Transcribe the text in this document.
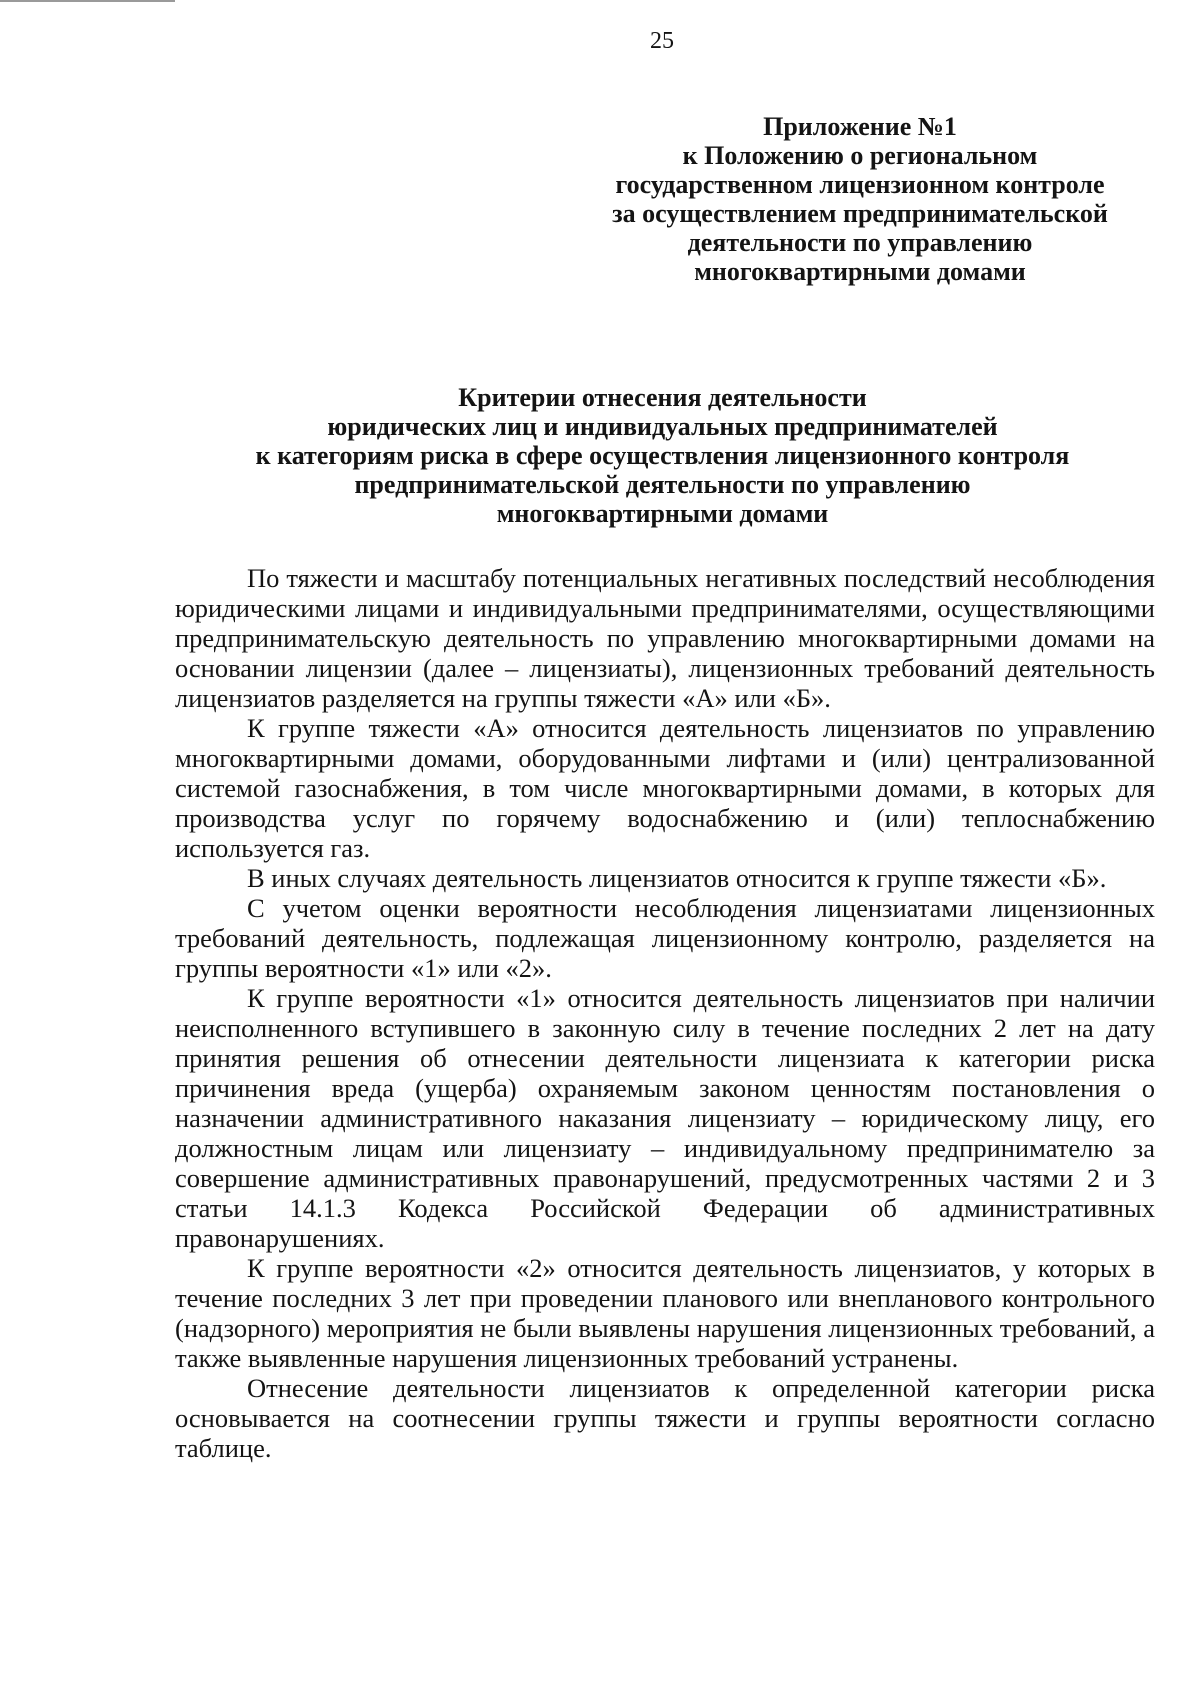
25
Приложение №1
к Положению о региональном
государственном лицензионном контроле
за осуществлением предпринимательской
деятельности по управлению
многоквартирными домами
Критерии отнесения деятельности
юридических лиц и индивидуальных предпринимателей
к категориям риска в сфере осуществления лицензионного контроля
предпринимательской деятельности по управлению
многоквартирными домами

По тяжести и масштабу потенциальных негативных последствий несоблюдения юридическими лицами и индивидуальными предпринимателями, осуществляющими предпринимательскую деятельность по управлению многоквартирными домами на основании лицензии (далее – лицензиаты), лицензионных требований деятельность лицензиатов разделяется на группы тяжести «А» или «Б».

К группе тяжести «А» относится деятельность лицензиатов по управлению многоквартирными домами, оборудованными лифтами и (или) централизованной системой газоснабжения, в том числе многоквартирными домами, в которых для производства услуг по горячему водоснабжению и (или) теплоснабжению используется газ.

В иных случаях деятельность лицензиатов относится к группе тяжести «Б».

С учетом оценки вероятности несоблюдения лицензиатами лицензионных требований деятельность, подлежащая лицензионному контролю, разделяется на группы вероятности «1» или «2».

К группе вероятности «1» относится деятельность лицензиатов при наличии неисполненного вступившего в законную силу в течение последних 2 лет на дату принятия решения об отнесении деятельности лицензиата к категории риска причинения вреда (ущерба) охраняемым законом ценностям постановления о назначении административного наказания лицензиату – юридическому лицу, его должностным лицам или лицензиату – индивидуальному предпринимателю за совершение административных правонарушений, предусмотренных частями 2 и 3 статьи 14.1.3 Кодекса Российской Федерации об административных правонарушениях.

К группе вероятности «2» относится деятельность лицензиатов, у которых в течение последних 3 лет при проведении планового или внепланового контрольного (надзорного) мероприятия не были выявлены нарушения лицензионных требований, а также выявленные нарушения лицензионных требований устранены.

Отнесение деятельности лицензиатов к определенной категории риска основывается на соотнесении группы тяжести и группы вероятности согласно таблице.
